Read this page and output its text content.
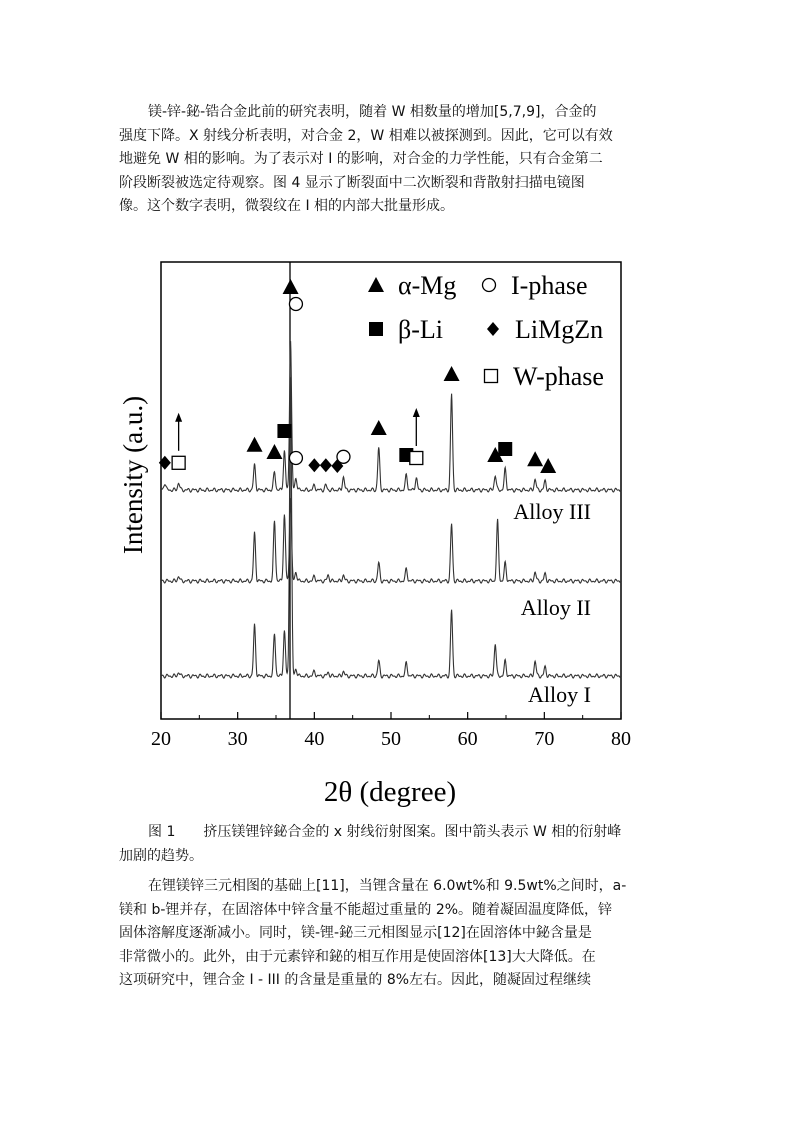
镁-锌-鉍-锆合金此前的研究表明，随着 W 相数量的增加[5,7,9]，合金的
强度下降。X 射线分析表明，对合金 2，W 相难以被探测到。因此，它可以有效
地避免 W 相的影响。为了表示对 I 的影响，对合金的力学性能，只有合金第二
阶段断裂被选定待观察。图 4 显示了断裂面中二次断裂和背散射扫描电镜图
像。这个数字表明，微裂纹在 I 相的内部大批量形成。
Alloy III
Alloy II
Alloy I
α-Mg I-phase
β-Li	LiMgZn
W-phase
20	30	40	50	60	70	80
2θ (degree)
Intensity (a.u.)
图 1　　挤压镁锂锌鉍合金的 x 射线衍射图案。图中箭头表示 W 相的衍射峰
加剧的趋势。
在锂镁锌三元相图的基础上[11]，当锂含量在 6.0wt%和 9.5wt%之间时，a-
镁和 b-锂并存，在固溶体中锌含量不能超过重量的 2%。随着凝固温度降低，锌
固体溶解度逐渐减小。同时，镁-锂-鉍三元相图显示[12]在固溶体中鉍含量是
非常微小的。此外，由于元素锌和鉍的相互作用是使固溶体[13]大大降低。在
这项研究中，锂合金 I - III 的含量是重量的 8%左右。因此，随凝固过程继续
